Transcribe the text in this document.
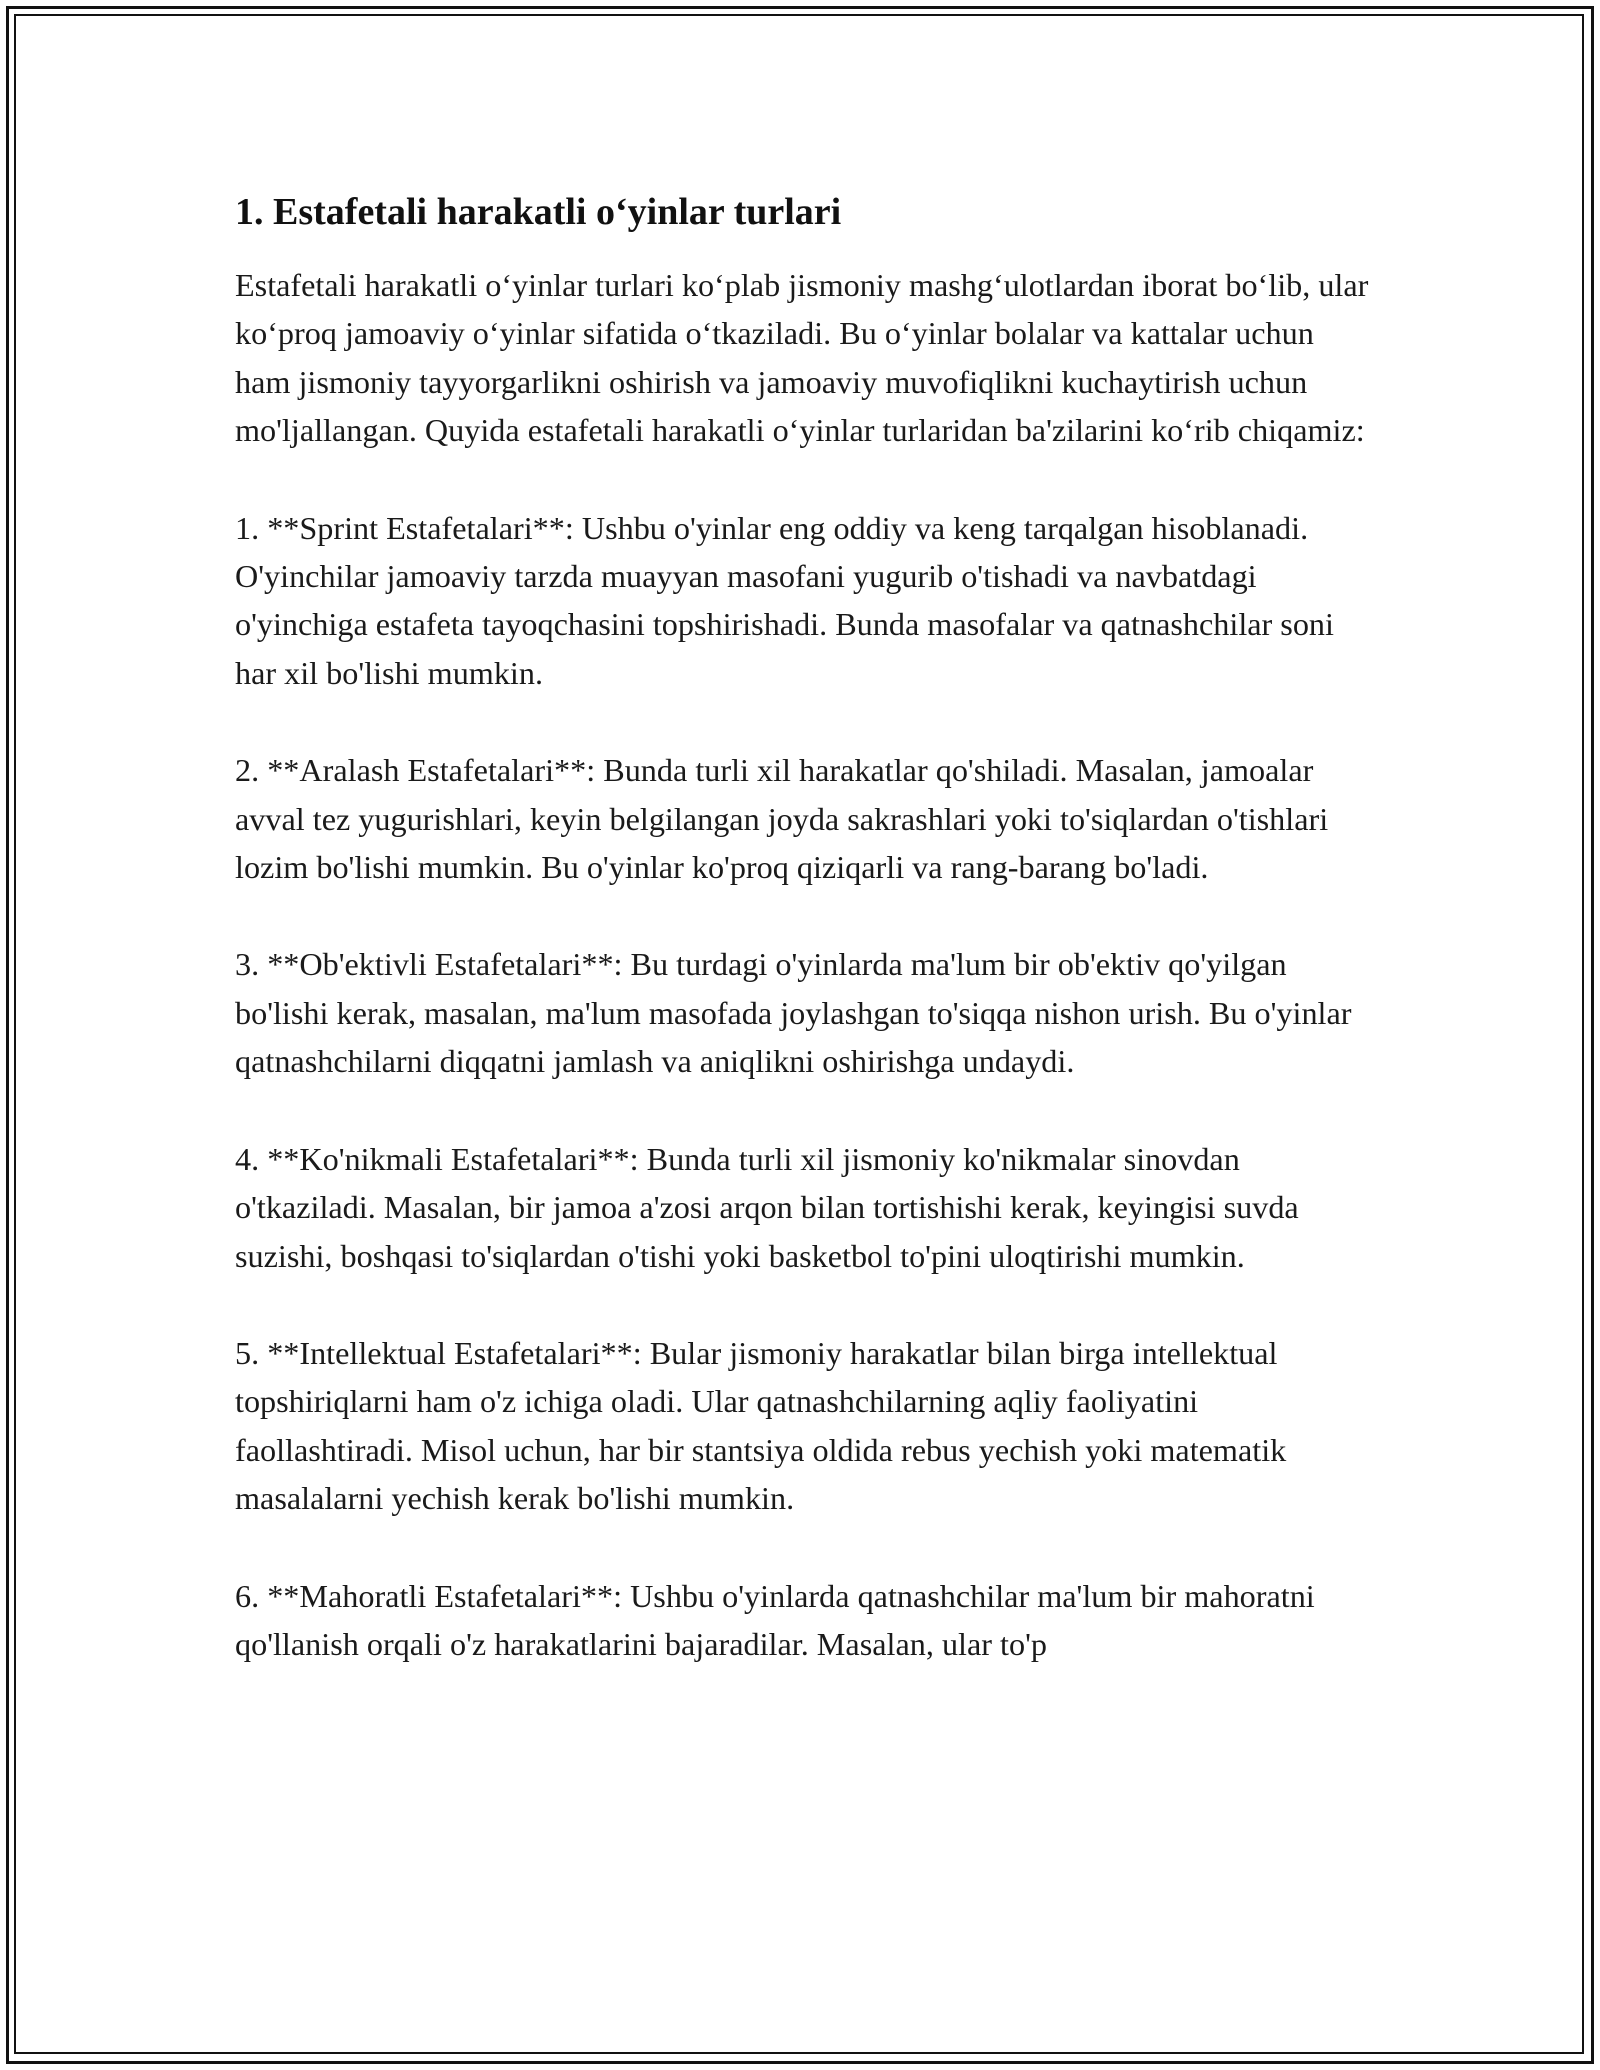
1. Estafetali harakatli o‘yinlar turlari

Estafetali harakatli o‘yinlar turlari ko‘plab jismoniy mashg‘ulotlardan iborat bo‘lib, ular ko‘proq jamoaviy o‘yinlar sifatida o‘tkaziladi. Bu o‘yinlar bolalar va kattalar uchun ham jismoniy tayyorgarlikni oshirish va jamoaviy muvofiqlikni kuchaytirish uchun mo'ljallangan. Quyida estafetali harakatli o‘yinlar turlaridan ba'zilarini ko‘rib chiqamiz:

1. **Sprint Estafetalari**: Ushbu o'yinlar eng oddiy va keng tarqalgan hisoblanadi. O'yinchilar jamoaviy tarzda muayyan masofani yugurib o'tishadi va navbatdagi o'yinchiga estafeta tayoqchasini topshirishadi. Bunda masofalar va qatnashchilar soni har xil bo'lishi mumkin.

2. **Aralash Estafetalari**: Bunda turli xil harakatlar qo'shiladi. Masalan, jamoalar avval tez yugurishlari, keyin belgilangan joyda sakrashlari yoki to'siqlardan o'tishlari lozim bo'lishi mumkin. Bu o'yinlar ko'proq qiziqarli va rang-barang bo'ladi.

3. **Ob'ektivli Estafetalari**: Bu turdagi o'yinlarda ma'lum bir ob'ektiv qo'yilgan bo'lishi kerak, masalan, ma'lum masofada joylashgan to'siqqa nishon urish. Bu o'yinlar qatnashchilarni diqqatni jamlash va aniqlikni oshirishga undaydi.

4. **Ko'nikmali Estafetalari**: Bunda turli xil jismoniy ko'nikmalar sinovdan o'tkaziladi. Masalan, bir jamoa a'zosi arqon bilan tortishishi kerak, keyingisi suvda suzishi, boshqasi to'siqlardan o'tishi yoki basketbol to'pini uloqtirishi mumkin.

5. **Intellektual Estafetalari**: Bular jismoniy harakatlar bilan birga intellektual topshiriqlarni ham o'z ichiga oladi. Ular qatnashchilarning aqliy faoliyatini faollashtiradi. Misol uchun, har bir stantsiya oldida rebus yechish yoki matematik masalalarni yechish kerak bo'lishi mumkin.

6. **Mahoratli Estafetalari**: Ushbu o'yinlarda qatnashchilar ma'lum bir mahoratni qo'llanish orqali o'z harakatlarini bajaradilar. Masalan, ular to'p
